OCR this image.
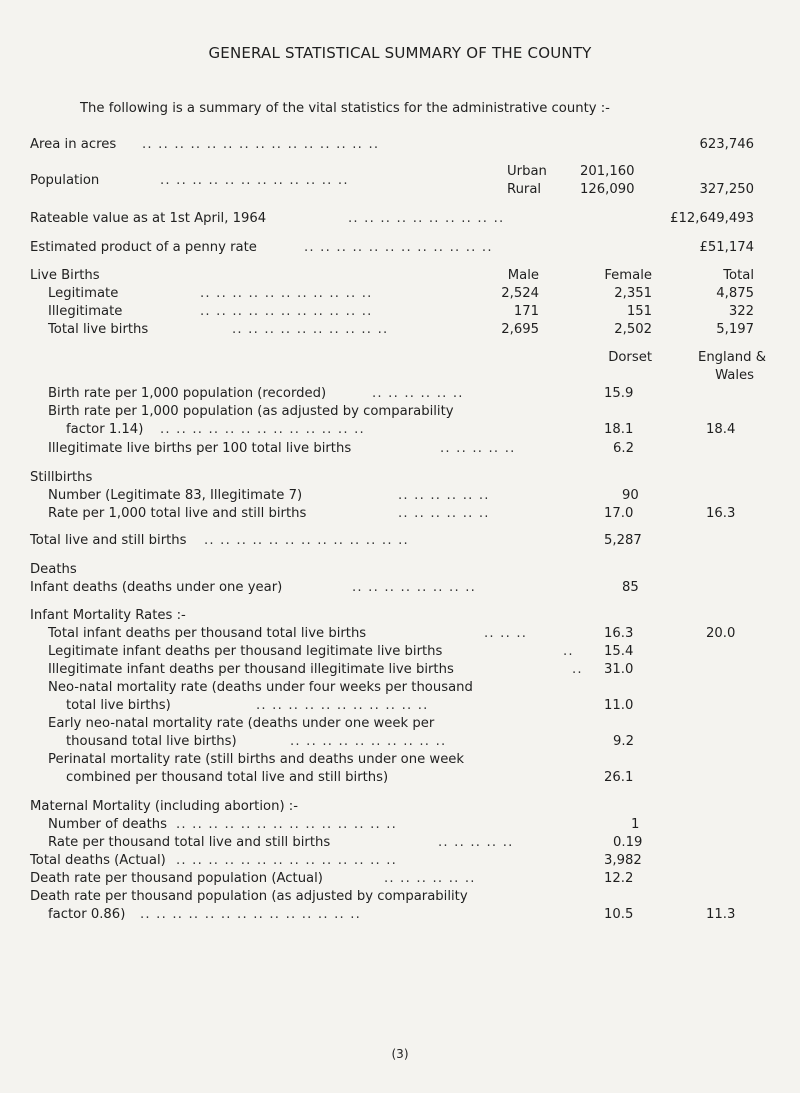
GENERAL STATISTICAL SUMMARY OF THE COUNTY
The following is a summary of the vital statistics for the administrative county :-
Area in acres .. .. .. .. .. .. .. .. .. .. .. .. .. .. ..	623,746
Population	.. .. .. .. .. .. .. .. .. .. .. ..
Urban	201,160
Rural	126,090	327,250
Rateable value as at 1st April, 1964	.. .. .. .. .. .. .. .. .. ..	£12,649,493
Estimated product of a penny rate	.. .. .. .. .. .. .. .. .. .. .. ..	£51,174
Live Births	Male	Female	Total
Legitimate	.. .. .. .. .. .. .. .. .. .. ..	2,524	2,351	4,875
Illegitimate	.. .. .. .. .. .. .. .. .. .. ..	171	151	322
Total live births	.. .. .. .. .. .. .. .. .. ..	2,695	2,502	5,197
Dorset	England &
Wales
Birth rate per 1,000 population (recorded)	.. .. .. .. .. ..	15.9
Birth rate per 1,000 population (as adjusted by comparability
factor 1.14) .. .. .. .. .. .. .. .. .. .. .. .. ..	18.1	18.4
Illegitimate live births per 100 total live births	.. .. .. .. ..	6.2
Stillbirths
Number (Legitimate 83, Illegitimate 7)	.. .. .. .. .. ..	90
Rate per 1,000 total live and still births	.. .. .. .. .. ..	17.0	16.3
Total live and still births .. .. .. .. .. .. .. .. .. .. .. .. ..	5,287
Deaths
Infant deaths (deaths under one year)	.. .. .. .. .. .. .. ..	85
Infant Mortality Rates :-
Total infant deaths per thousand total live births	.. .. ..	16.3	20.0
Legitimate infant deaths per thousand legitimate live births	.. 15.4
Illegitimate infant deaths per thousand illegitimate live births	.. 31.0
Neo-natal mortality rate (deaths under four weeks per thousand
total live births)	.. .. .. .. .. .. .. .. .. .. ..	11.0
Early neo-natal mortality rate (deaths under one week per
thousand total live births)	.. .. .. .. .. .. .. .. .. ..	9.2
Perinatal mortality rate (still births and deaths under one week
combined per thousand total live and still births)	26.1
Maternal Mortality (including abortion) :-
Number of deaths .. .. .. .. .. .. .. .. .. .. .. .. .. ..	1
Rate per thousand total live and still births	.. .. .. .. ..	0.19
Total deaths (Actual) .. .. .. .. .. .. .. .. .. .. .. .. .. ..	3,982
Death rate per thousand population (Actual)	.. .. .. .. .. ..	12.2
Death rate per thousand population (as adjusted by comparability
factor 0.86) .. .. .. .. .. .. .. .. .. .. .. .. .. ..	10.5	11.3
(3)
